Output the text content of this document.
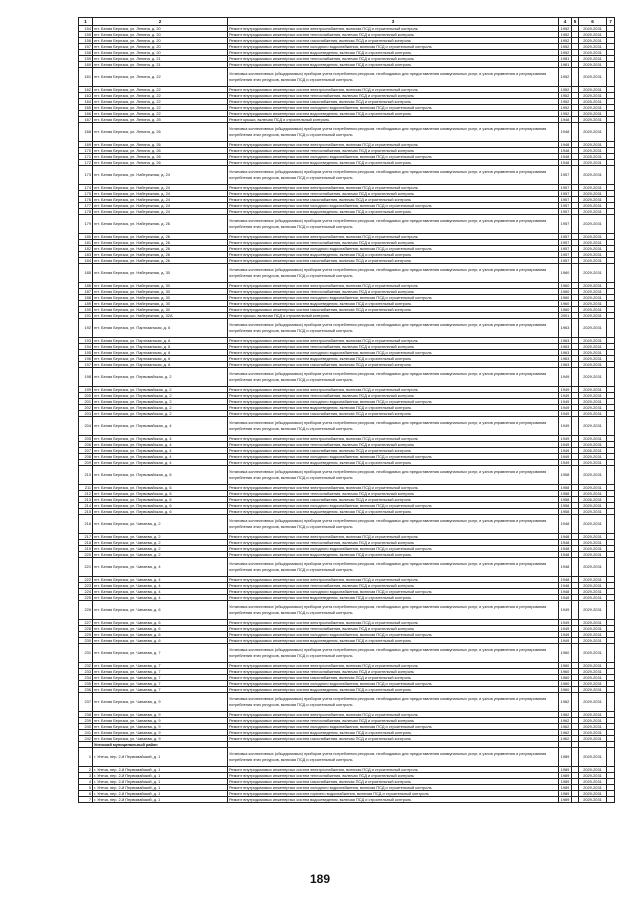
1	2	3	4	5	6	7
154	пгт. Белая Березка, ул. Ленина, д. 20	Ремонт внутридомовых инженерных систем электроснабжения, включая ПСД и строительный контроль	1952		2029-2031	
155	пгт. Белая Березка, ул. Ленина, д. 20	Ремонт внутридомовых инженерных систем теплоснабжения, включая ПСД и строительный контроль	1952		2029-2031	
156	пгт. Белая Березка, ул. Ленина, д. 20	Ремонт внутридомовых инженерных систем газоснабжения, включая ПСД и строительный контроль	1952		2029-2031	
157	пгт. Белая Березка, ул. Ленина, д. 20	Ремонт внутридомовых инженерных систем холодного водоснабжения, включая ПСД и строительный контроль	1952		2029-2031	
158	пгт. Белая Березка, ул. Ленина, д. 20	Ремонт внутридомовых инженерных систем водоотведения, включая ПСД и строительный контроль	1952		2029-2031	
159	пгт. Белая Березка, ул. Ленина, д. 21	Ремонт внутридомовых инженерных систем теплоснабжения, включая ПСД и строительный контроль	1981		2029-2031	
160	пгт. Белая Березка, ул. Ленина, д. 21	Ремонт внутридомовых инженерных систем водоотведения, включая ПСД и строительный контроль	1981		2029-2031	
161	пгт. Белая Березка, ул. Ленина, д. 22	Установка коллективных (общедомовых) приборов учета потребления ресурсов, необходимых для предоставления коммунальных услуг, и узлов управления и регулирования потребления этих ресурсов, включая ПСД и строительный контроль	1952		2029-2031	
162	пгт. Белая Березка, ул. Ленина, д. 22	Ремонт внутридомовых инженерных систем электроснабжения, включая ПСД и строительный контроль	1952		2029-2031	
163	пгт. Белая Березка, ул. Ленина, д. 22	Ремонт внутридомовых инженерных систем теплоснабжения, включая ПСД и строительный контроль	1952		2029-2031	
164	пгт. Белая Березка, ул. Ленина, д. 22	Ремонт внутридомовых инженерных систем газоснабжения, включая ПСД и строительный контроль	1952		2025-2031	
165	пгт. Белая Березка, ул. Ленина, д. 22	Ремонт внутридомовых инженерных систем холодного водоснабжения, включая ПСД и строительный контроль	1952		2029-2031	
166	пгт. Белая Березка, ул. Ленина, д. 22	Ремонт внутридомовых инженерных систем водоотведения, включая ПСД и строительный контроль	1952		2029-2031	
167	пгт. Белая Березка, ул. Ленина, д. 25	Ремонт крыши, включая ПСД и строительный контроль	1948		2029-2031	
168	пгт. Белая Березка, ул. Ленина, д. 26	Установка коллективных (общедомовых) приборов учета потребления ресурсов, необходимых для предоставления коммунальных услуг, и узлов управления и регулирования потребления этих ресурсов, включая ПСД и строительный контроль	1948		2029-2031	
169	пгт. Белая Березка, ул. Ленина, д. 26	Ремонт внутридомовых инженерных систем электроснабжения, включая ПСД и строительный контроль	1948		2029-2031	
170	пгт. Белая Березка, ул. Ленина, д. 26	Ремонт внутридомовых инженерных систем теплоснабжения, включая ПСД и строительный контроль	1948		2029-2031	
171	пгт. Белая Березка, ул. Ленина, д. 26	Ремонт внутридомовых инженерных систем холодного водоснабжения, включая ПСД и строительный контроль	1948		2025-2031	
172	пгт. Белая Березка, ул. Ленина, д. 26	Ремонт внутридомовых инженерных систем водоотведения, включая ПСД и строительный контроль	1948		2029-2031	
173	пгт. Белая Березка, ул. Набережная, д. 24	Установка коллективных (общедомовых) приборов учета потребления ресурсов, необходимых для предоставления коммунальных услуг, и узлов управления и регулирования потребления этих ресурсов, включая ПСД и строительный контроль	1957		2029-2031	
174	пгт. Белая Березка, ул. Набережная, д. 24	Ремонт внутридомовых инженерных систем электроснабжения, включая ПСД и строительный контроль	1957		2029-2031	
175	пгт. Белая Березка, ул. Набережная, д. 24	Ремонт внутридомовых инженерных систем теплоснабжения, включая ПСД и строительный контроль	1957		2029-2031	
176	пгт. Белая Березка, ул. Набережная, д. 24	Ремонт внутридомовых инженерных систем газоснабжения, включая ПСД и строительный контроль	1957		2029-2031	
177	пгт. Белая Березка, ул. Набережная, д. 24	Ремонт внутридомовых инженерных систем холодного водоснабжения, включая ПСД и строительный контроль	1957		2029-2031	
178	пгт. Белая Березка, ул. Набережная, д. 24	Ремонт внутридомовых инженерных систем водоотведения, включая ПСД и строительный контроль	1957		2029-2031	
179	пгт. Белая Березка, ул. Набережная, д. 26	Установка коллективных (общедомовых) приборов учета потребления ресурсов, необходимых для предоставления коммунальных услуг, и узлов управления и регулирования потребления этих ресурсов, включая ПСД и строительный контроль	1957		2029-2031	
180	пгт. Белая Березка, ул. Набережная, д. 26	Ремонт внутридомовых инженерных систем электроснабжения, включая ПСД и строительный контроль	1957		2029-2031	
181	пгт. Белая Березка, ул. Набережная, д. 26	Ремонт внутридомовых инженерных систем теплоснабжения, включая ПСД и строительный контроль	1957		2029-2031	
182	пгт. Белая Березка, ул. Набережная, д. 26	Ремонт внутридомовых инженерных систем холодного водоснабжения, включая ПСД и строительный контроль	1957		2029-2031	
183	пгт. Белая Березка, ул. Набережная, д. 26	Ремонт внутридомовых инженерных систем водоотведения, включая ПСД и строительный контроль	1957		2029-2031	
184	пгт. Белая Березка, ул. Набережная, д. 26	Ремонт внутридомовых инженерных систем газоснабжения, включая ПСД и строительный контроль	1957		2029-2031	
185	пгт. Белая Березка, ул. Набережная, д. 30	Установка коллективных (общедомовых) приборов учета потребления ресурсов, необходимых для предоставления коммунальных услуг, и узлов управления и регулирования потребления этих ресурсов, включая ПСД и строительный контроль	1960		2029-2031	
186	пгт. Белая Березка, ул. Набережная, д. 30	Ремонт внутридомовых инженерных систем электроснабжения, включая ПСД и строительный контроль	1960		2029-2031	
187	пгт. Белая Березка, ул. Набережная, д. 30	Ремонт внутридомовых инженерных систем теплоснабжения, включая ПСД и строительный контроль	1960		2029-2031	
188	пгт. Белая Березка, ул. Набережная, д. 30	Ремонт внутридомовых инженерных систем холодного водоснабжения, включая ПСД и строительный контроль	1960		2029-2031	
189	пгт. Белая Березка, ул. Набережная, д. 30	Ремонт внутридомовых инженерных систем водоотведения, включая ПСД и строительный контроль	1960		2029-2031	
190	пгт. Белая Березка, ул. Набережная, д. 30	Ремонт внутридомовых инженерных систем газоснабжения, включая ПСД и строительный контроль	1960		2029-2031	
191	пгт. Белая Березка, ул. Набережная, д. 32А	Ремонт крыши, включая ПСД и строительный контроль	2001		2029-2031	
192	пгт. Белая Березка, ул. Партизанская, д. 6	Установка коллективных (общедомовых) приборов учета потребления ресурсов, необходимых для предоставления коммунальных услуг, и узлов управления и регулирования потребления этих ресурсов, включая ПСД и строительный контроль	1963		2029-2031	
193	пгт. Белая Березка, ул. Партизанская, д. 6	Ремонт внутридомовых инженерных систем электроснабжения, включая ПСД и строительный контроль	1963		2029-2031	
194	пгт. Белая Березка, ул. Партизанская, д. 6	Ремонт внутридомовых инженерных систем теплоснабжения, включая ПСД и строительный контроль	1963		2029-2031	
195	пгт. Белая Березка, ул. Партизанская, д. 6	Ремонт внутридомовых инженерных систем холодного водоснабжения, включая ПСД и строительный контроль	1963		2029-2031	
196	пгт. Белая Березка, ул. Партизанская, д. 6	Ремонт внутридомовых инженерных систем водоотведения, включая ПСД и строительный контроль	1963		2029-2031	
197	пгт. Белая Березка, ул. Партизанская, д. 6	Ремонт внутридомовых инженерных систем газоснабжения, включая ПСД и строительный контроль	1963		2029-2031	
198	пгт. Белая Березка, ул. Первомайская, д. 2	Установка коллективных (общедомовых) приборов учета потребления ресурсов, необходимых для предоставления коммунальных услуг, и узлов управления и регулирования потребления этих ресурсов, включая ПСД и строительный контроль	1949		2029-2031	
199	пгт. Белая Березка, ул. Первомайская, д. 2	Ремонт внутридомовых инженерных систем электроснабжения, включая ПСД и строительный контроль	1949		2029-2031	
200	пгт. Белая Березка, ул. Первомайская, д. 2	Ремонт внутридомовых инженерных систем теплоснабжения, включая ПСД и строительный контроль	1949		2029-2031	
201	пгт. Белая Березка, ул. Первомайская, д. 2	Ремонт внутридомовых инженерных систем холодного водоснабжения, включая ПСД и строительный контроль	1949		2029-2031	
202	пгт. Белая Березка, ул. Первомайская, д. 2	Ремонт внутридомовых инженерных систем водоотведения, включая ПСД и строительный контроль	1949		2029-2031	
203	пгт. Белая Березка, ул. Первомайская, д. 2	Ремонт внутридомовых инженерных систем газоснабжения, включая ПСД и строительный контроль	1949		2029-2031	
204	пгт. Белая Березка, ул. Первомайская, д. 4	Установка коллективных (общедомовых) приборов учета потребления ресурсов, необходимых для предоставления коммунальных услуг, и узлов управления и регулирования потребления этих ресурсов, включая ПСД и строительный контроль	1949		2029-2031	
205	пгт. Белая Березка, ул. Первомайская, д. 4	Ремонт внутридомовых инженерных систем электроснабжения, включая ПСД и строительный контроль	1949		2029-2031	
206	пгт. Белая Березка, ул. Первомайская, д. 4	Ремонт внутридомовых инженерных систем теплоснабжения, включая ПСД и строительный контроль	1949		2029-2031	
207	пгт. Белая Березка, ул. Первомайская, д. 4	Ремонт внутридомовых инженерных систем газоснабжения, включая ПСД и строительный контроль	1949		2026-2031	
208	пгт. Белая Березка, ул. Первомайская, д. 4	Ремонт внутридомовых инженерных систем холодного водоснабжения, включая ПСД и строительный контроль	1949		2029-2031	
209	пгт. Белая Березка, ул. Первомайская, д. 4	Ремонт внутридомовых инженерных систем водоотведения, включая ПСД и строительный контроль	1949		2029-2031	
210	пгт. Белая Березка, ул. Первомайская, д. 6	Установка коллективных (общедомовых) приборов учета потребления ресурсов, необходимых для предоставления коммунальных услуг, и узлов управления и регулирования потребления этих ресурсов, включая ПСД и строительный контроль	1958		2029-2031	
211	пгт. Белая Березка, ул. Первомайская, д. 6	Ремонт внутридомовых инженерных систем электроснабжения, включая ПСД и строительный контроль	1958		2029-2031	
212	пгт. Белая Березка, ул. Первомайская, д. 6	Ремонт внутридомовых инженерных систем теплоснабжения, включая ПСД и строительный контроль	1958		2029-2031	
213	пгт. Белая Березка, ул. Первомайская, д. 6	Ремонт внутридомовых инженерных систем газоснабжения, включая ПСД и строительный контроль	1958		2026-2031	
214	пгт. Белая Березка, ул. Первомайская, д. 6	Ремонт внутридомовых инженерных систем холодного водоснабжения, включая ПСД и строительный контроль	1958		2029-2031	
215	пгт. Белая Березка, ул. Первомайская, д. 6	Ремонт внутридомовых инженерных систем водоотведения, включая ПСД и строительный контроль	1958		2029-2031	
216	пгт. Белая Березка, ул. Чапаева, д. 2	Установка коллективных (общедомовых) приборов учета потребления ресурсов, необходимых для предоставления коммунальных услуг, и узлов управления и регулирования потребления этих ресурсов, включая ПСД и строительный контроль	1948		2029-2031	
217	пгт. Белая Березка, ул. Чапаева, д. 2	Ремонт внутридомовых инженерных систем электроснабжения, включая ПСД и строительный контроль	1948		2029-2031	
218	пгт. Белая Березка, ул. Чапаева, д. 2	Ремонт внутридомовых инженерных систем теплоснабжения, включая ПСД и строительный контроль	1948		2029-2031	
219	пгт. Белая Березка, ул. Чапаева, д. 2	Ремонт внутридомовых инженерных систем холодного водоснабжения, включая ПСД и строительный контроль	1948		2029-2031	
220	пгт. Белая Березка, ул. Чапаева, д. 2	Ремонт внутридомовых инженерных систем водоотведения, включая ПСД и строительный контроль	1948		2029-2031	
221	пгт. Белая Березка, ул. Чапаева, д. 4	Установка коллективных (общедомовых) приборов учета потребления ресурсов, необходимых для предоставления коммунальных услуг, и узлов управления и регулирования потребления этих ресурсов, включая ПСД и строительный контроль	1948		2029-2031	
222	пгт. Белая Березка, ул. Чапаева, д. 4	Ремонт внутридомовых инженерных систем электроснабжения, включая ПСД и строительный контроль	1948		2029-2031	
223	пгт. Белая Березка, ул. Чапаева, д. 4	Ремонт внутридомовых инженерных систем теплоснабжения, включая ПСД и строительный контроль	1948		2029-2031	
224	пгт. Белая Березка, ул. Чапаева, д. 4	Ремонт внутридомовых инженерных систем холодного водоснабжения, включая ПСД и строительный контроль	1948		2029-2031	
225	пгт. Белая Березка, ул. Чапаева, д. 4	Ремонт внутридомовых инженерных систем водоотведения, включая ПСД и строительный контроль	1948		2029-2031	
226	пгт. Белая Березка, ул. Чапаева, д. 6	Установка коллективных (общедомовых) приборов учета потребления ресурсов, необходимых для предоставления коммунальных услуг, и узлов управления и регулирования потребления этих ресурсов, включая ПСД и строительный контроль	1949		2029-2031	
227	пгт. Белая Березка, ул. Чапаева, д. 6	Ремонт внутридомовых инженерных систем электроснабжения, включая ПСД и строительный контроль	1949		2029-2031	
228	пгт. Белая Березка, ул. Чапаева, д. 6	Ремонт внутридомовых инженерных систем теплоснабжения, включая ПСД и строительный контроль	1949		2029-2031	
229	пгт. Белая Березка, ул. Чапаева, д. 6	Ремонт внутридомовых инженерных систем холодного водоснабжения, включая ПСД и строительный контроль	1949		2029-2031	
230	пгт. Белая Березка, ул. Чапаева, д. 6	Ремонт внутридомовых инженерных систем водоотведения, включая ПСД и строительный контроль	1949		2029-2031	
231	пгт. Белая Березка, ул. Чапаева, д. 7	Установка коллективных (общедомовых) приборов учета потребления ресурсов, необходимых для предоставления коммунальных услуг, и узлов управления и регулирования потребления этих ресурсов, включая ПСД и строительный контроль	1960		2029-2031	
232	пгт. Белая Березка, ул. Чапаева, д. 7	Ремонт внутридомовых инженерных систем электроснабжения, включая ПСД и строительный контроль	1960		2029-2031	
233	пгт. Белая Березка, ул. Чапаева, д. 7	Ремонт внутридомовых инженерных систем теплоснабжения, включая ПСД и строительный контроль	1960		2029-2031	
234	пгт. Белая Березка, ул. Чапаева, д. 7	Ремонт внутридомовых инженерных систем газоснабжения, включая ПСД и строительный контроль	1960		2029-2031	
235	пгт. Белая Березка, ул. Чапаева, д. 7	Ремонт внутридомовых инженерных систем холодного водоснабжения, включая ПСД и строительный контроль	1960		2029-2031	
236	пгт. Белая Березка, ул. Чапаева, д. 7	Ремонт внутридомовых инженерных систем водоотведения, включая ПСД и строительный контроль	1960		2029-2031	
237	пгт. Белая Березка, ул. Чапаева, д. 9	Установка коллективных (общедомовых) приборов учета потребления ресурсов, необходимых для предоставления коммунальных услуг, и узлов управления и регулирования потребления этих ресурсов, включая ПСД и строительный контроль	1962		2029-2031	
238	пгт. Белая Березка, ул. Чапаева, д. 9	Ремонт внутридомовых инженерных систем электроснабжения, включая ПСД и строительный контроль	1962		2029-2031	
239	пгт. Белая Березка, ул. Чапаева, д. 9	Ремонт внутридомовых инженерных систем теплоснабжения, включая ПСД и строительный контроль	1962		2029-2031	
240	пгт. Белая Березка, ул. Чапаева, д. 9	Ремонт внутридомовых инженерных систем холодного водоснабжения, включая ПСД и строительный контроль	1962		2029-2031	
241	пгт. Белая Березка, ул. Чапаева, д. 9	Ремонт внутридомовых инженерных систем водоотведения, включая ПСД и строительный контроль	1962		2029-2031	
242	пгт. Белая Березка, ул. Чапаева, д. 9	Ремонт внутридомовых инженерных систем газоснабжения, включая ПСД и строительный контроль	1962		2029-2031	
	Унечский муниципальный район					
1	г. Унеча, пер. 2-й Первомайский, д. 1	Установка коллективных (общедомовых) приборов учета потребления ресурсов, необходимых для предоставления коммунальных услуг, и узлов управления и регулирования потребления этих ресурсов, включая ПСД и строительный контроль	1989		2029-2031	
2	г. Унеча, пер. 2-й Первомайский, д. 1	Ремонт внутридомовых инженерных систем электроснабжения, включая ПСД и строительный контроль	1989		2029-2031	
3	г. Унеча, пер. 2-й Первомайский, д. 1	Ремонт внутридомовых инженерных систем теплоснабжения, включая ПСД и строительный контроль	1989		2029-2031	
4	г. Унеча, пер. 2-й Первомайский, д. 1	Ремонт внутридомовых инженерных систем газоснабжения, включая ПСД и строительный контроль	1989		2029-2031	
5	г. Унеча, пер. 2-й Первомайский, д. 1	Ремонт внутридомовых инженерных систем холодного водоснабжения, включая ПСД и строительный контроль	1989		2029-2031	
6	г. Унеча, пер. 2-й Первомайский, д. 1	Ремонт внутридомовых инженерных систем горячего водоснабжения, включая ПСД и строительный контроль	1989		2029-2031	
7	г. Унеча, пер. 2-й Первомайский, д. 1	Ремонт внутридомовых инженерных систем водоотведения, включая ПСД и строительный контроль	1989		2029-2031	
189
